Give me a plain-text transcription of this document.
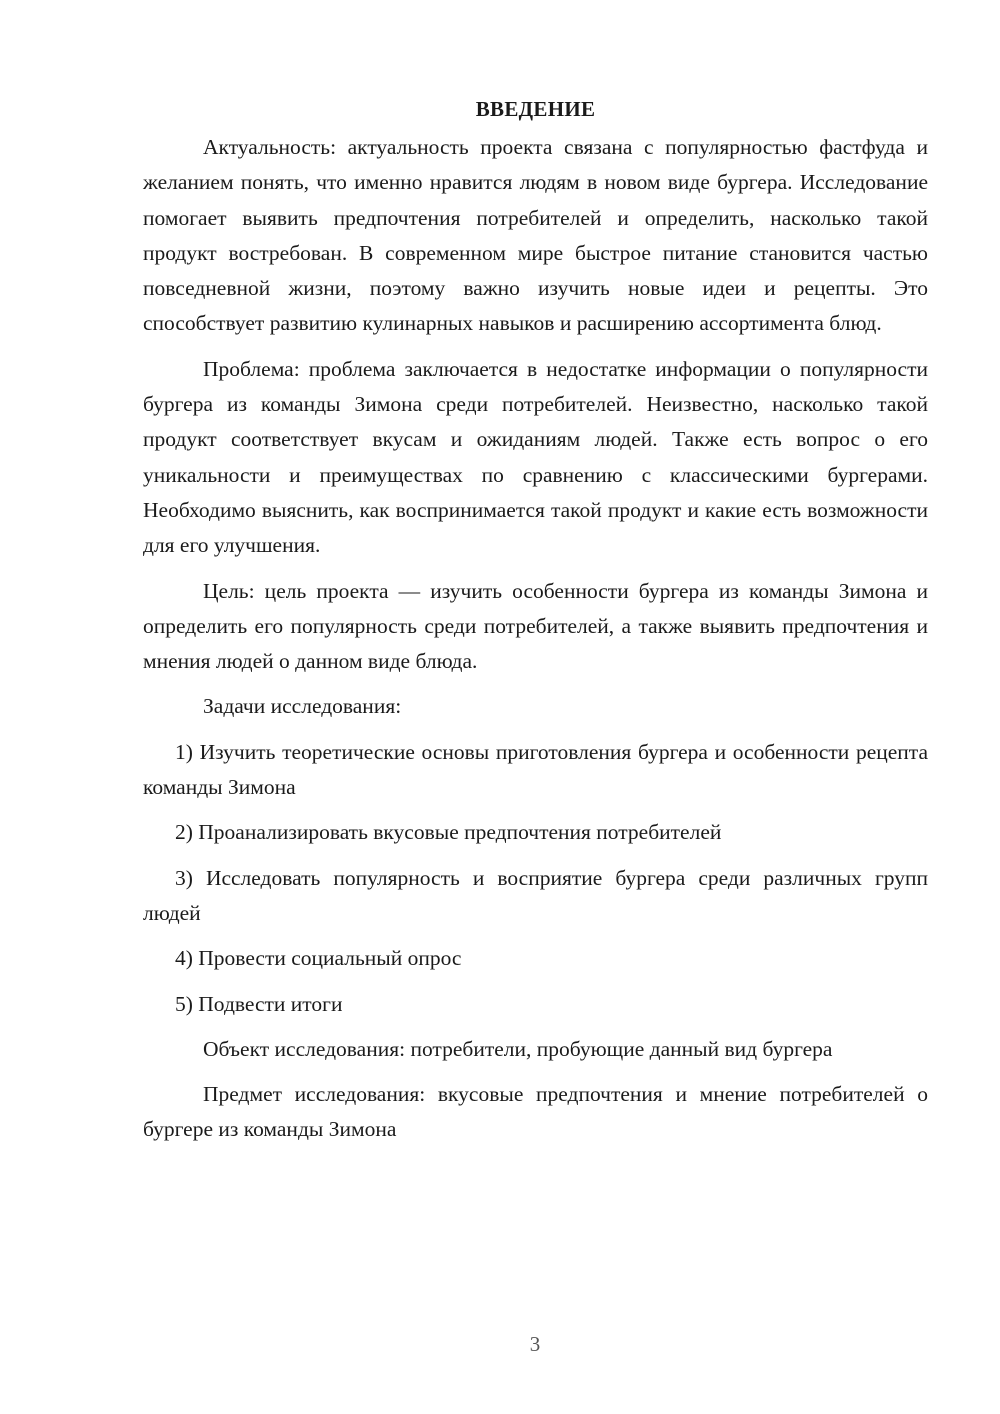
ВВЕДЕНИЕ

Актуальность: актуальность проекта связана с популярностью фастфуда и желанием понять, что именно нравится людям в новом виде бургера. Исследование помогает выявить предпочтения потребителей и определить, насколько такой продукт востребован. В современном мире быстрое питание становится частью повседневной жизни, поэтому важно изучить новые идеи и рецепты. Это способствует развитию кулинарных навыков и расширению ассортимента блюд.

Проблема: проблема заключается в недостатке информации о популярности бургера из команды Зимона среди потребителей. Неизвестно, насколько такой продукт соответствует вкусам и ожиданиям людей. Также есть вопрос о его уникальности и преимуществах по сравнению с классическими бургерами. Необходимо выяснить, как воспринимается такой продукт и какие есть возможности для его улучшения.

Цель: цель проекта — изучить особенности бургера из команды Зимона и определить его популярность среди потребителей, а также выявить предпочтения и мнения людей о данном виде блюда.

Задачи исследования:

1) Изучить теоретические основы приготовления бургера и особенности рецепта команды Зимона

2) Проанализировать вкусовые предпочтения потребителей

3) Исследовать популярность и восприятие бургера среди различных групп людей

4) Провести социальный опрос

5) Подвести итоги

Объект исследования: потребители, пробующие данный вид бургера

Предмет исследования: вкусовые предпочтения и мнение потребителей о бургере из команды Зимона

3
